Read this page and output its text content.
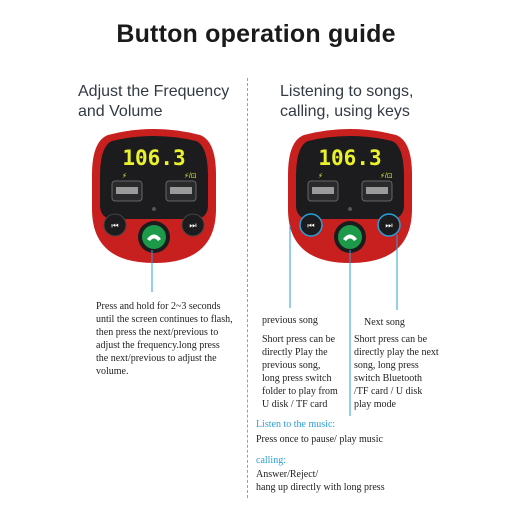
Button operation guide
Adjust the Frequency
and Volume
Listening to songs,
calling, using keys
106.3
⚡	⚡/⊡
⏮	⏭
106.3
⚡	⚡/⊡
⏮	⏭
Press and hold for 2~3 seconds
until the screen continues to flash,
then press the next/previous to
adjust the frequency.long press
the next/previous to adjust the
volume.
previous song
Short press can be
directly Play the
previous song,
long press switch
folder to play from
U disk / TF card
Next song
Short press can be
directly play the next
song, long press
switch Bluetooth
/TF card / U disk
play mode
Listen to the music:
Press once to pause/ play music
calling:
Answer/Reject/
hang up directly with long press
